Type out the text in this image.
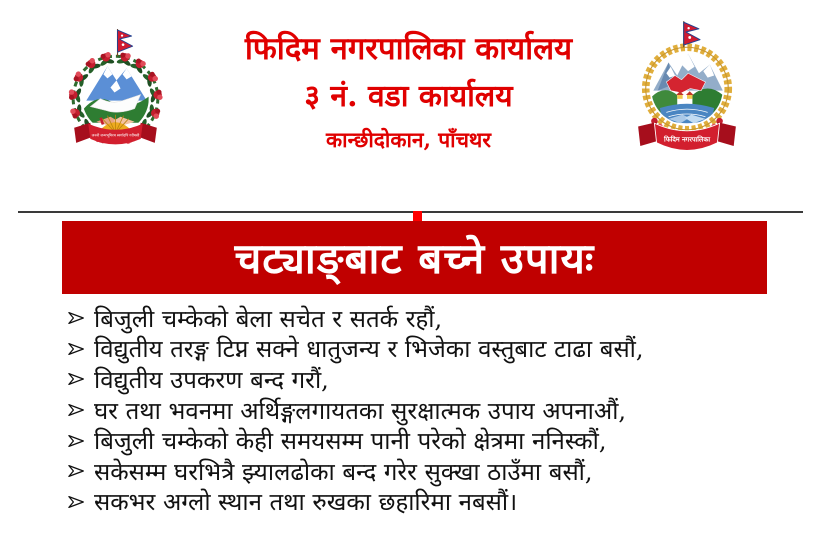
जननी जन्मभूमिश्च स्वर्गादपि गरीयसी
फिदिम नगरपालिका कार्यालय
३ नं. वडा कार्यालय
कान्छीदोकान, पाँचथर	फिदिम नगरपालिका
चट्याङ्बाट बच्ने उपायः
बिजुली चम्केको बेला सचेत र सतर्क रहौं,
विद्युतीय तरङ्ग टिप्न सक्ने धातुजन्य र भिजेका वस्तुबाट टाढा बसौं,
विद्युतीय उपकरण बन्द गरौं,
घर तथा भवनमा अर्थिङ्गलगायतका सुरक्षात्मक उपाय अपनाऔं,
बिजुली चम्केको केही समयसम्म पानी परेको क्षेत्रमा ननिस्कौं,
सकेसम्म घरभित्रै झ्यालढोका बन्द गरेर सुक्खा ठाउँमा बसौं,
सकभर अग्लो स्थान तथा रुखका छहारिमा नबसौं।
